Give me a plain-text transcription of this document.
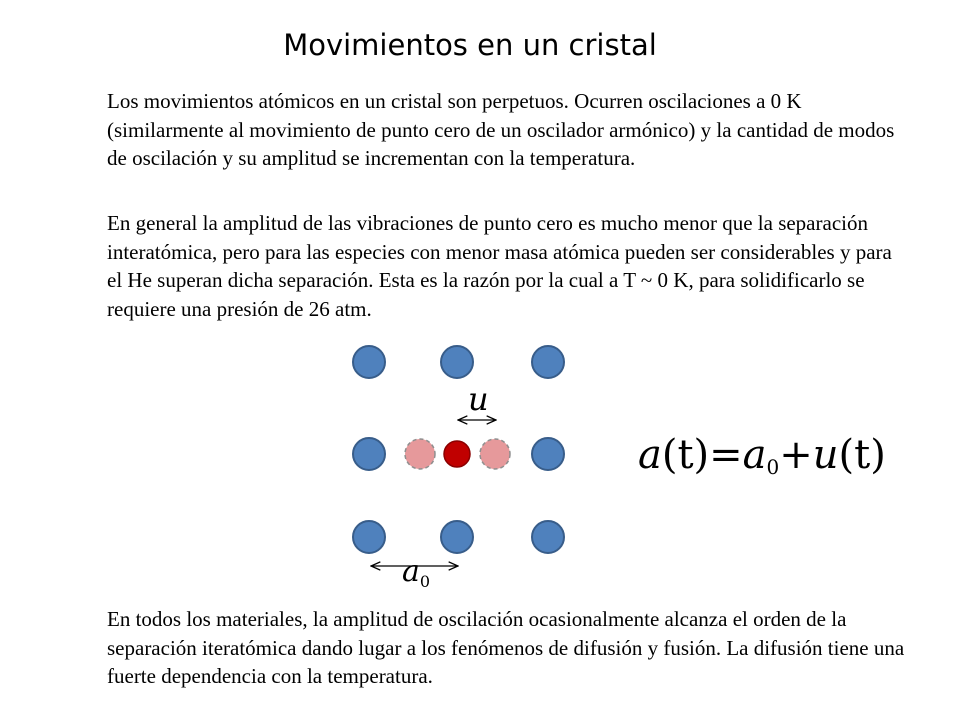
Movimientos en un cristal

Los movimientos atómicos en un cristal son perpetuos. Ocurren oscilaciones a 0 K (similarmente al movimiento de punto cero de un oscilador armónico) y la cantidad de modos de oscilación y su amplitud se incrementan con la temperatura.

En general la amplitud de las vibraciones de punto cero es mucho menor que la separación interatómica, pero para las especies con menor masa atómica pueden ser considerables y para el He superan dicha separación. Esta es la razón por la cual a T ~ 0 K, para solidificarlo se requiere una presión de 26 atm.

u
$a_0$
$a(t)=a_0+u(t)$

En todos los materiales, la amplitud de oscilación ocasionalmente alcanza el orden de la separación iteratómica dando lugar a los fenómenos de difusión y fusión. La difusión tiene una fuerte dependencia con la temperatura.
